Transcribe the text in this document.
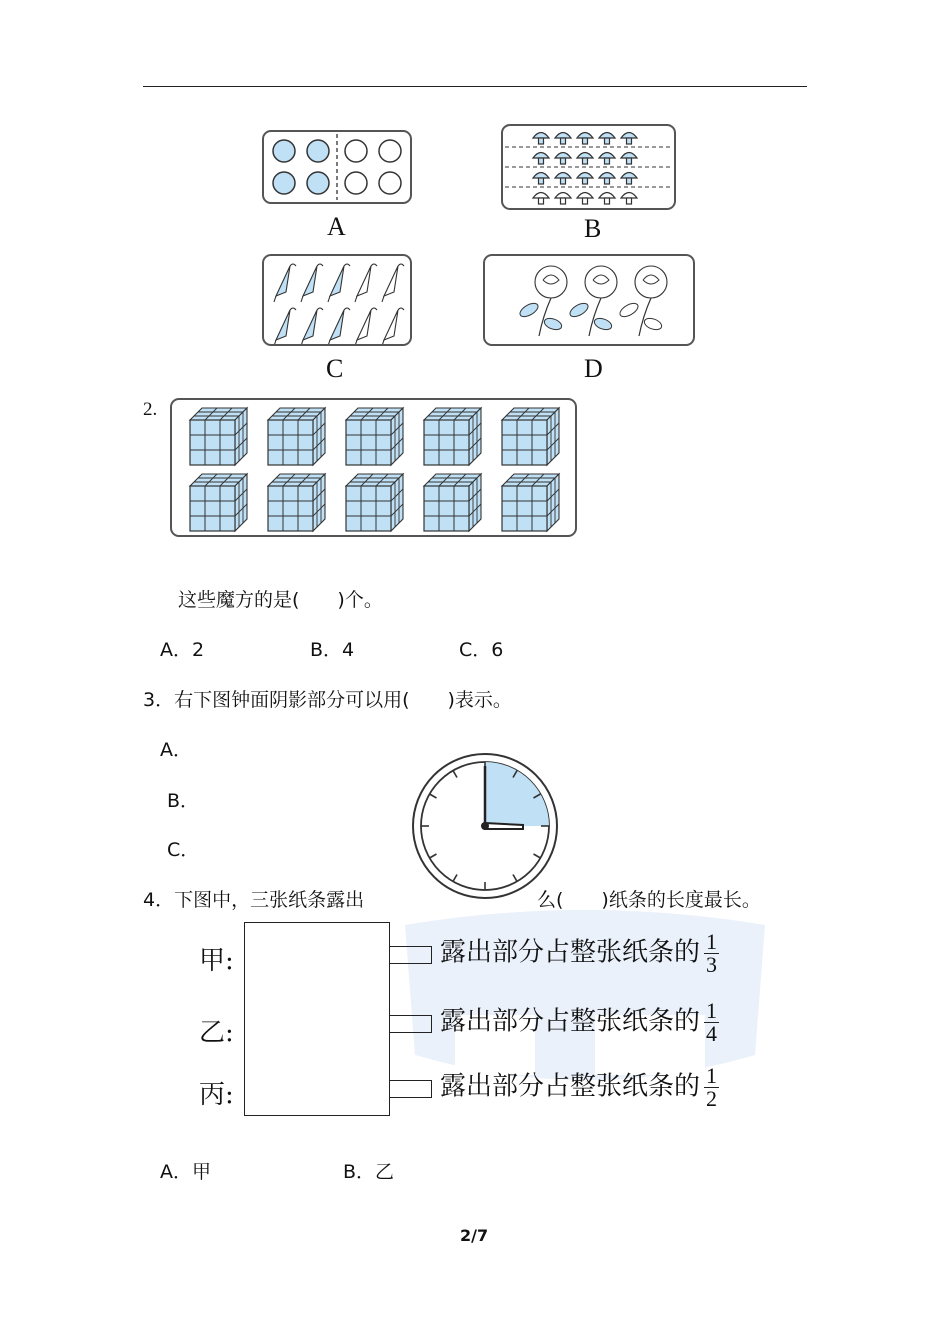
A	B
C	D
2.
这些魔方的是(　　)个。
A．2	B．4	C．6
3．右下图钟面阴影部分可以用(　　)表示。
A．
B．
C．
4．下图中，三张纸条露出	么(　　)纸条的长度最长。
甲:	露出部分占整张纸条的 $\frac{1}{3}$
乙:	露出部分占整张纸条的 $\frac{1}{4}$
丙:	露出部分占整张纸条的 $\frac{1}{2}$
A．甲	B．乙
2/7
